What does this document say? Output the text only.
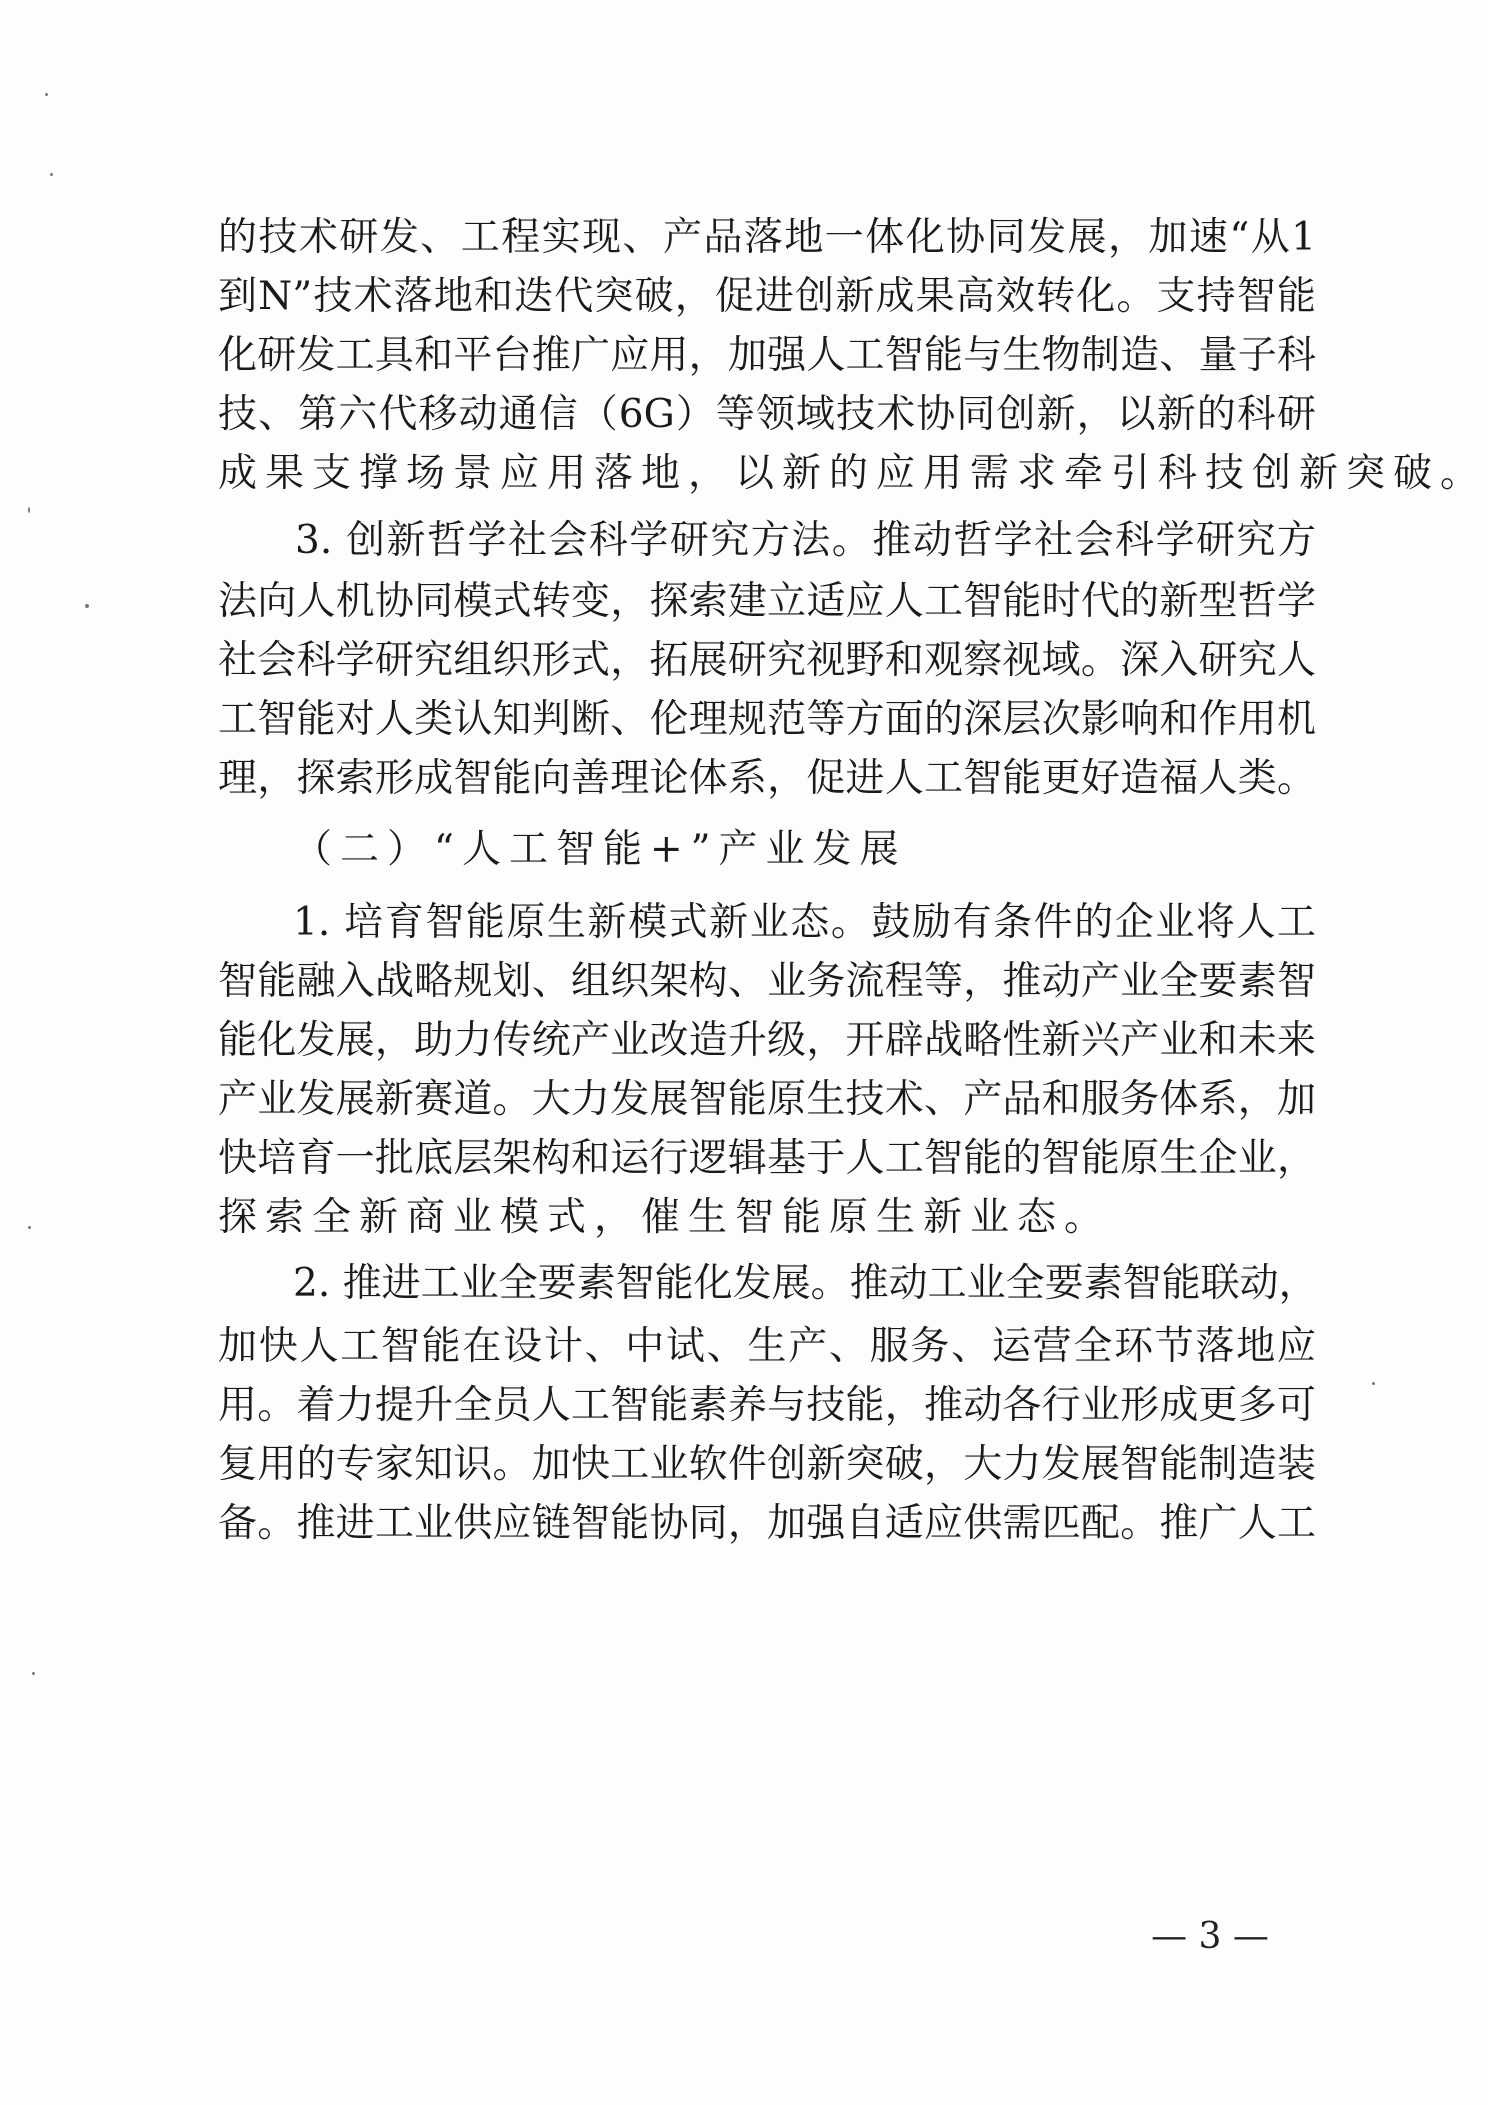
的技术研发、工程实现、产品落地一体化协同发展，加速“从1
到N”技术落地和迭代突破，促进创新成果高效转化。支持智能
化研发工具和平台推广应用，加强人工智能与生物制造、量子科
技、第六代移动通信（6G）等领域技术协同创新，以新的科研
成果支撑场景应用落地，以新的应用需求牵引科技创新突破。
3. 创新哲学社会科学研究方法。推动哲学社会科学研究方
法向人机协同模式转变，探索建立适应人工智能时代的新型哲学
社会科学研究组织形式，拓展研究视野和观察视域。深入研究人
工智能对人类认知判断、伦理规范等方面的深层次影响和作用机
理，探索形成智能向善理论体系，促进人工智能更好造福人类。
（二）“人工智能+”产业发展
1. 培育智能原生新模式新业态。鼓励有条件的企业将人工
智能融入战略规划、组织架构、业务流程等，推动产业全要素智
能化发展，助力传统产业改造升级，开辟战略性新兴产业和未来
产业发展新赛道。大力发展智能原生技术、产品和服务体系，加
快培育一批底层架构和运行逻辑基于人工智能的智能原生企业，
探索全新商业模式，催生智能原生新业态。
2. 推进工业全要素智能化发展。推动工业全要素智能联动，
加快人工智能在设计、中试、生产、服务、运营全环节落地应
用。着力提升全员人工智能素养与技能，推动各行业形成更多可
复用的专家知识。加快工业软件创新突破，大力发展智能制造装
备。推进工业供应链智能协同，加强自适应供需匹配。推广人工
— 3 —
